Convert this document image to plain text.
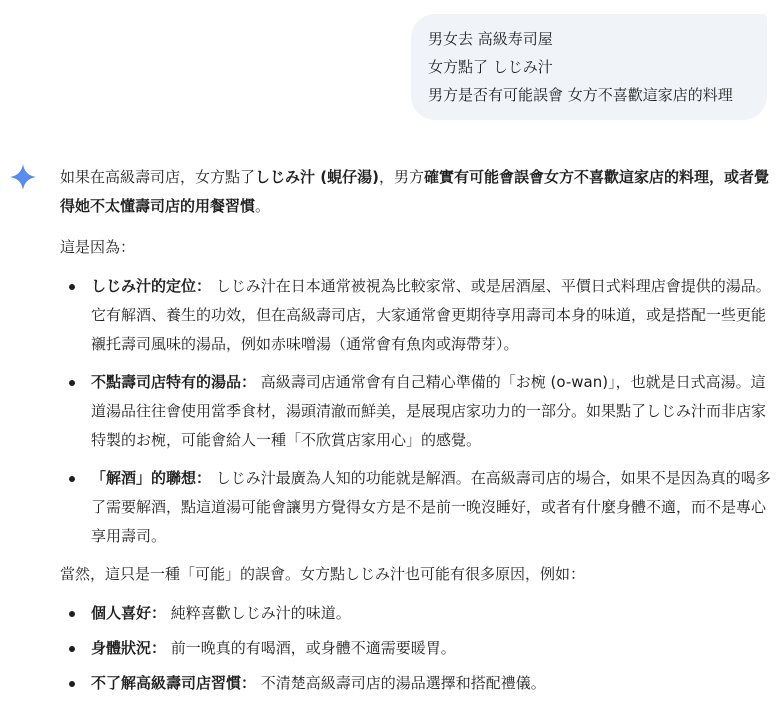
男女去 高級寿司屋
女方點了 しじみ汁
男方是否有可能誤會 女方不喜歡這家店的料理

如果在高級壽司店，女方點了しじみ汁 (蜆仔湯)，男方確實有可能會誤會女方不喜歡這家店的料理，或者覺得她不太懂壽司店的用餐習慣。

這是因為：

しじみ汁的定位： しじみ汁在日本通常被視為比較家常、或是居酒屋、平價日式料理店會提供的湯品。它有解酒、養生的功效，但在高級壽司店，大家通常會更期待享用壽司本身的味道，或是搭配一些更能襯托壽司風味的湯品，例如赤味噌湯（通常會有魚肉或海帶芽）。
不點壽司店特有的湯品： 高級壽司店通常會有自己精心準備的「お椀 (o-wan)」，也就是日式高湯。這道湯品往往會使用當季食材，湯頭清澈而鮮美，是展現店家功力的一部分。如果點了しじみ汁而非店家特製的お椀，可能會給人一種「不欣賞店家用心」的感覺。
「解酒」的聯想： しじみ汁最廣為人知的功能就是解酒。在高級壽司店的場合，如果不是因為真的喝多了需要解酒，點這道湯可能會讓男方覺得女方是不是前一晚沒睡好，或者有什麼身體不適，而不是專心享用壽司。

當然，這只是一種「可能」的誤會。女方點しじみ汁也可能有很多原因，例如：

個人喜好： 純粹喜歡しじみ汁的味道。
身體狀況： 前一晚真的有喝酒，或身體不適需要暖胃。
不了解高級壽司店習慣： 不清楚高級壽司店的湯品選擇和搭配禮儀。
